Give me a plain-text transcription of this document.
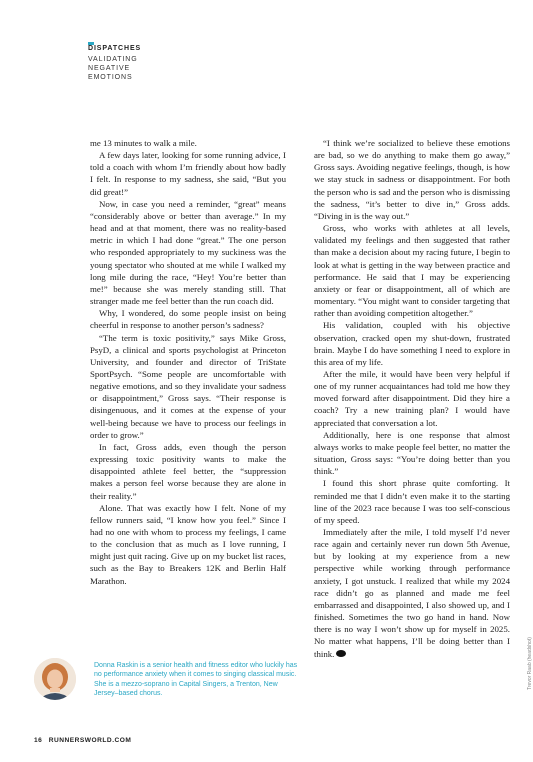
DISPATCHES
VALIDATING
NEGATIVE
EMOTIONS

me 13 minutes to walk a mile.

A few days later, looking for some running advice, I told a coach with whom I’m friendly about how badly I felt. In response to my sadness, she said, “But you did great!”

Now, in case you need a reminder, “great” means “considerably above or better than average.” In my head and at that moment, there was no reality-based metric in which I had done “great.” The one person who responded appropriately to my suckiness was the young spectator who shouted at me while I walked my long mile during the race, “Hey! You’re better than me!” because she was merely standing still. That stranger made me feel better than the run coach did.

Why, I wondered, do some people insist on being cheerful in response to another person’s sadness?

“The term is toxic positivity,” says Mike Gross, PsyD, a clinical and sports psychologist at Princeton University, and founder and director of TriState SportPsych. “Some people are uncomfortable with negative emotions, and so they invalidate your sadness or disappointment,” Gross says. “Their response is disingenuous, and it comes at the expense of your well-being because we have to process our feelings in order to grow.”

In fact, Gross adds, even though the person expressing toxic positivity wants to make the disappointed athlete feel better, the “suppression makes a person feel worse because they are alone in their reality.”

Alone. That was exactly how I felt. None of my fellow runners said, “I know how you feel.” Since I had no one with whom to process my feelings, I came to the conclusion that as much as I love running, I might just quit racing. Give up on my bucket list races, such as the Bay to Breakers 12K and Berlin Half Marathon.

“I think we’re socialized to believe these emotions are bad, so we do anything to make them go away,” Gross says. Avoiding negative feelings, though, is how we stay stuck in sadness or disappointment. For both the person who is sad and the person who is dismissing the sadness, “it’s better to dive in,” Gross adds. “Diving in is the way out.”

Gross, who works with athletes at all levels, validated my feelings and then suggested that rather than make a decision about my racing future, I begin to look at what is getting in the way between practice and performance. He said that I may be experiencing anxiety or fear or disappointment, all of which are momentary. “You might want to consider targeting that rather than avoiding competition altogether.”

His validation, coupled with his objective observation, cracked open my shut-down, frustrated brain. Maybe I do have something I need to explore in this area of my life.

After the mile, it would have been very helpful if one of my runner acquaintances had told me how they moved forward after disappointment. Did they hire a coach? Try a new training plan? I would have appreciated that conversation a lot.

Additionally, here is one response that almost always works to make people feel better, no matter the situation, Gross says: “You’re doing better than you think.”

I found this short phrase quite comforting. It reminded me that I didn’t even make it to the starting line of the 2023 race because I was too self-conscious of my speed.

Immediately after the mile, I told myself I’d never race again and certainly never run down 5th Avenue, but by looking at my experience from a new perspective while working through performance anxiety, I got unstuck. I realized that while my 2024 race didn’t go as planned and made me feel embarrassed and disappointed, I also showed up, and I finished. Sometimes the two go hand in hand. Now there is no way I won’t show up for myself in 2025. No matter what happens, I’ll be doing better than I think.

Donna Raskin is a senior health and fitness editor who luckily has no performance anxiety when it comes to singing classical music. She is a mezzo-soprano in Capital Singers, a Trenton, New Jersey–based chorus.
Trevor Raab (headshot)
16 RUNNERSWORLD.COM
